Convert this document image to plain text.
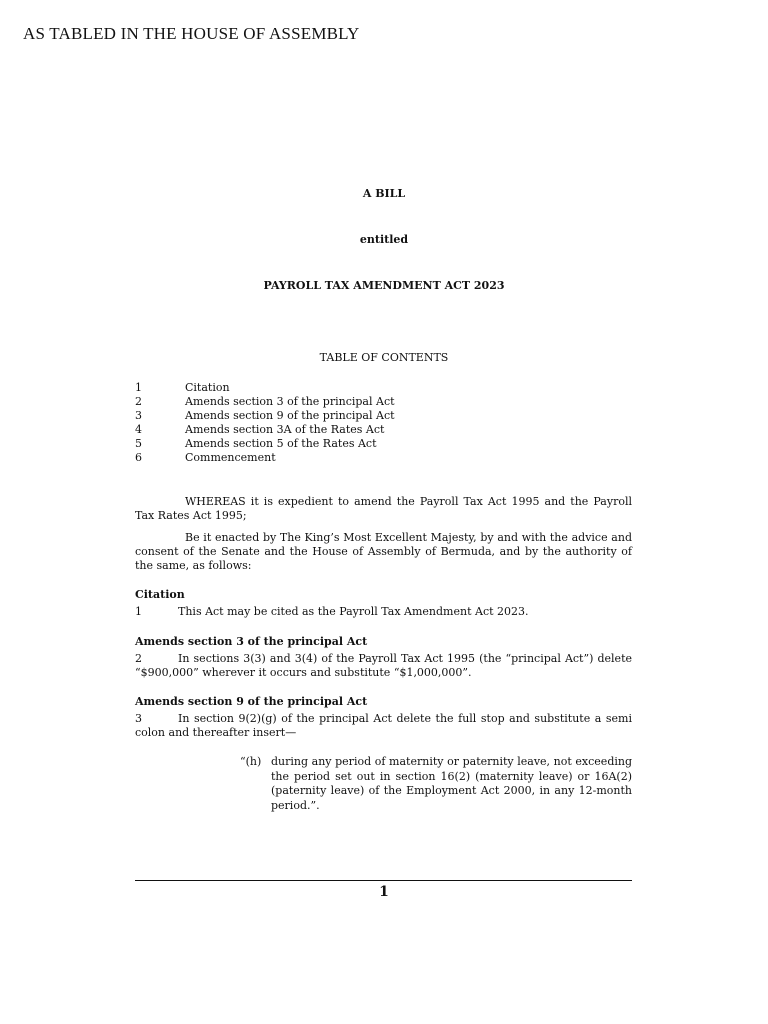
AS TABLED IN THE HOUSE OF ASSEMBLY
A BILL
entitled
PAYROLL TAX AMENDMENT ACT 2023
TABLE OF CONTENTS
1	Citation
2	Amends section 3 of the principal Act
3	Amends section 9 of the principal Act
4	Amends section 3A of the Rates Act
5	Amends section 5 of the Rates Act
6	Commencement
WHEREAS it is expedient to amend the Payroll Tax Act 1995 and the Payroll Tax Rates Act 1995;
Be it enacted by The King’s Most Excellent Majesty, by and with the advice and consent of the Senate and the House of Assembly of Bermuda, and by the authority of the same, as follows:
Citation
1	This Act may be cited as the Payroll Tax Amendment Act 2023.
Amends section 3 of the principal Act
2	In sections 3(3) and 3(4) of the Payroll Tax Act 1995 (the “principal Act”) delete “$900,000” wherever it occurs and substitute “$1,000,000”.
Amends section 9 of the principal Act
3	In section 9(2)(g) of the principal Act delete the full stop and substitute a semi colon and thereafter insert—
“(h) during any period of maternity or paternity leave, not exceeding the period set out in section 16(2) (maternity leave) or 16A(2) (paternity leave) of the Employment Act 2000, in any 12-month period.”.
1
